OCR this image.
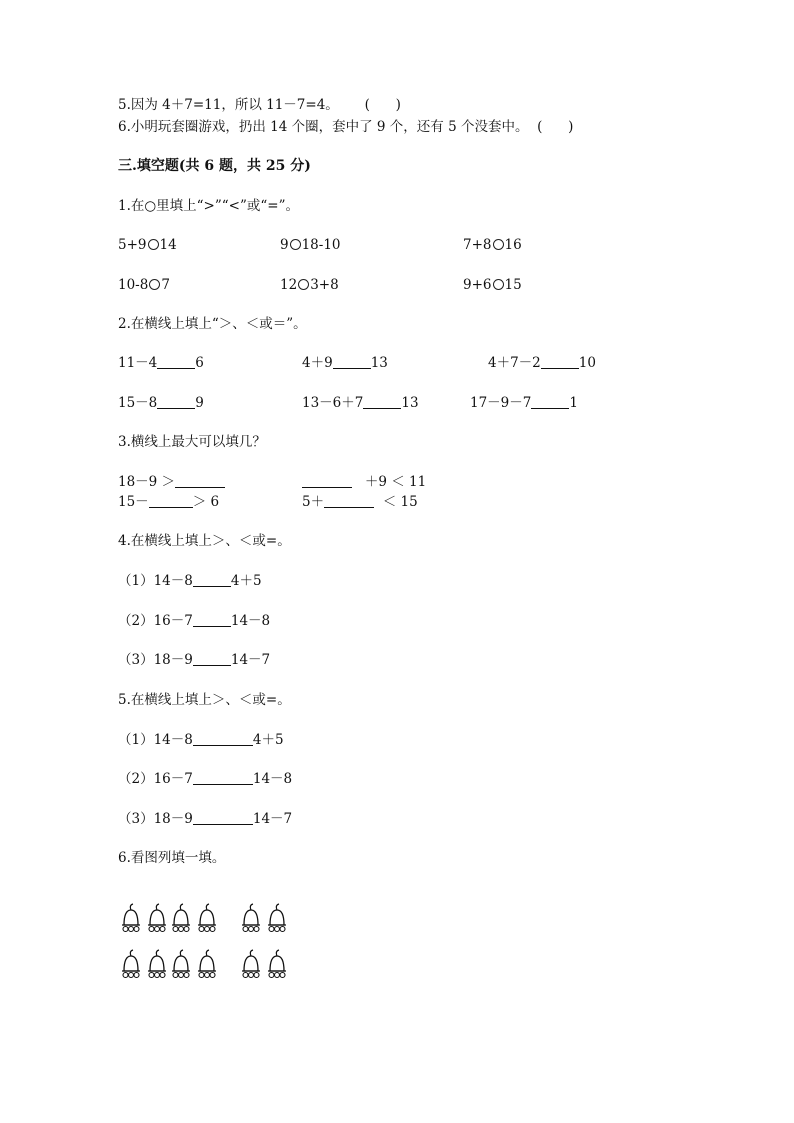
5.因为 4＋7=11，所以 11－7=4。 (      )
6.小明玩套圈游戏，扔出 14 个圈，套中了 9 个，还有 5 个没套中。 (      )
三.填空题(共 6 题，共 25 分)
1.在○里填上“>”“<”或“=”。
5+9 14	9 18-10	7+8 16
10-8 7	12 3+8	9+6 15
2.在横线上填上“＞、＜或＝”。
11－4	6	4＋9	13	4＋7－2	10
15－8	9	13－6＋7	13	17－9－7	1
3.横线上最大可以填几？
18－9 ＞	＋9 ＜ 11
15－	＞ 6	5＋	＜ 15
4.在横线上填上＞、＜或=。
（1）14－8	4＋5
（2）16－7	14－8
（3）18－9	14－7
5.在横线上填上＞、＜或=。
（1）14－8	4＋5
（2）16－7	14－8
（3）18－9	14－7
6.看图列填一填。
